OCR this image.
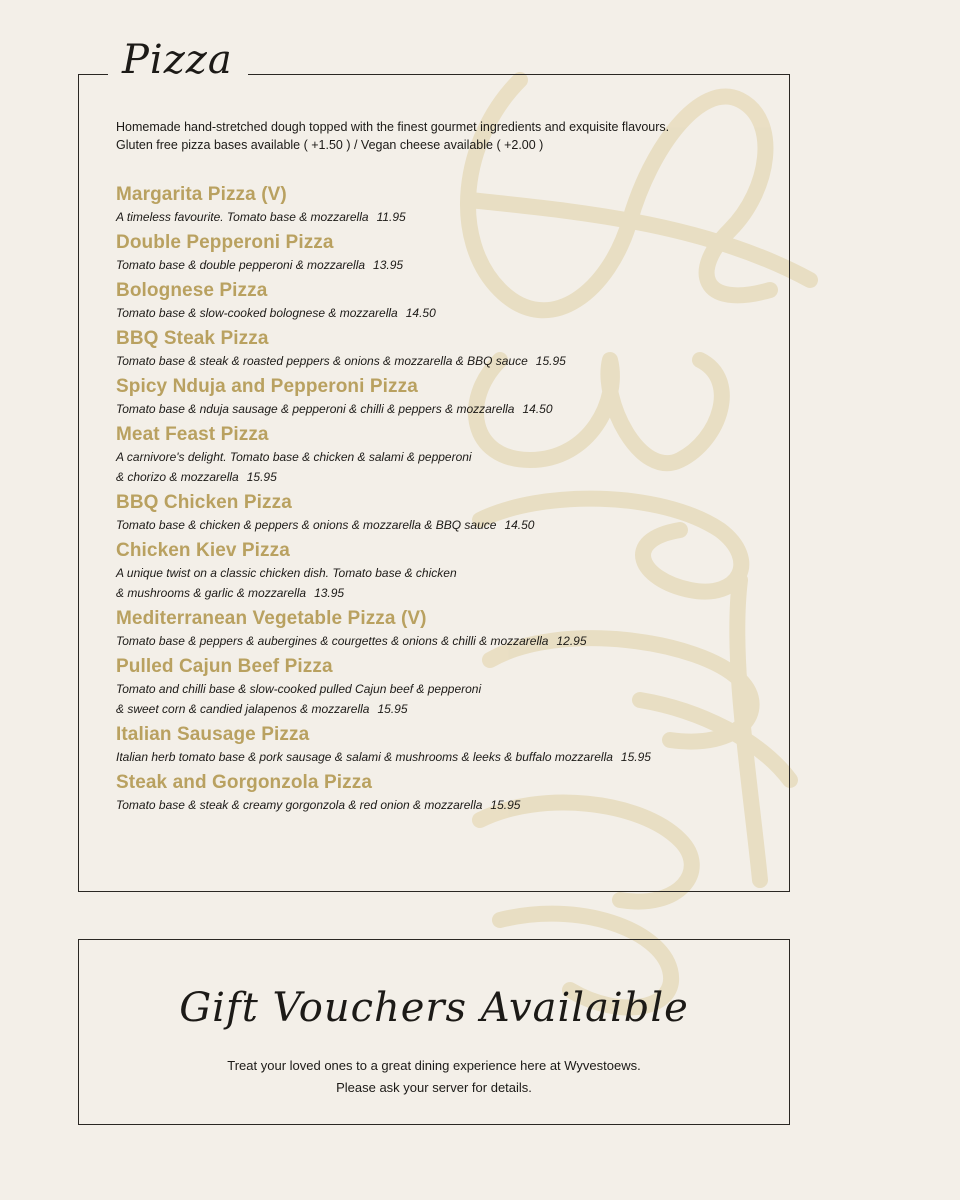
Pizza
Homemade hand-stretched dough topped with the finest gourmet ingredients and exquisite flavours.
Gluten free pizza bases available ( +1.50 ) / Vegan cheese available ( +2.00 )
Margarita Pizza (V)
A timeless favourite. Tomato base & mozzarella 11.95
Double Pepperoni Pizza
Tomato base & double pepperoni & mozzarella 13.95
Bolognese Pizza
Tomato base & slow-cooked bolognese & mozzarella 14.50
BBQ Steak Pizza
Tomato base & steak & roasted peppers & onions & mozzarella & BBQ sauce 15.95
Spicy Nduja and Pepperoni Pizza
Tomato base & nduja sausage & pepperoni & chilli & peppers & mozzarella 14.50
Meat Feast Pizza
A carnivore's delight. Tomato base & chicken & salami & pepperoni
& chorizo & mozzarella 15.95
BBQ Chicken Pizza
Tomato base & chicken & peppers & onions & mozzarella & BBQ sauce 14.50
Chicken Kiev Pizza
A unique twist on a classic chicken dish. Tomato base & chicken
& mushrooms & garlic & mozzarella 13.95
Mediterranean Vegetable Pizza (V)
Tomato base & peppers & aubergines & courgettes & onions & chilli & mozzarella 12.95
Pulled Cajun Beef Pizza
Tomato and chilli base & slow-cooked pulled Cajun beef & pepperoni
& sweet corn & candied jalapenos & mozzarella 15.95
Italian Sausage Pizza
Italian herb tomato base & pork sausage & salami & mushrooms & leeks & buffalo mozzarella 15.95
Steak and Gorgonzola Pizza
Tomato base & steak & creamy gorgonzola & red onion & mozzarella 15.95
Gift Vouchers Availaible
Treat your loved ones to a great dining experience here at Wyvestoews.
Please ask your server for details.
